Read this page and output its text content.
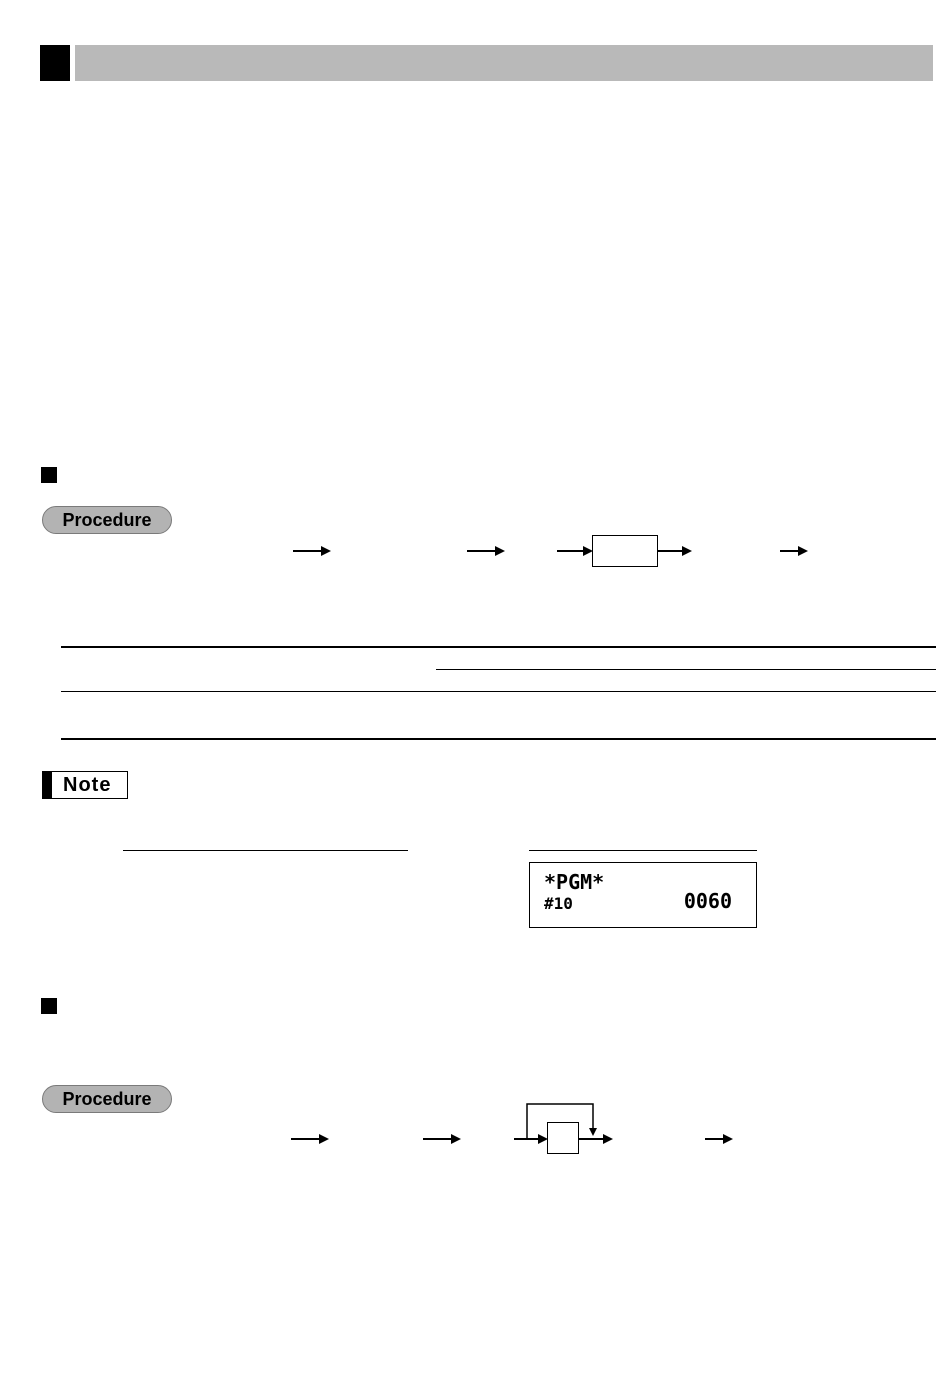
Procedure
Note
*PGM*
#10	0060
Procedure
